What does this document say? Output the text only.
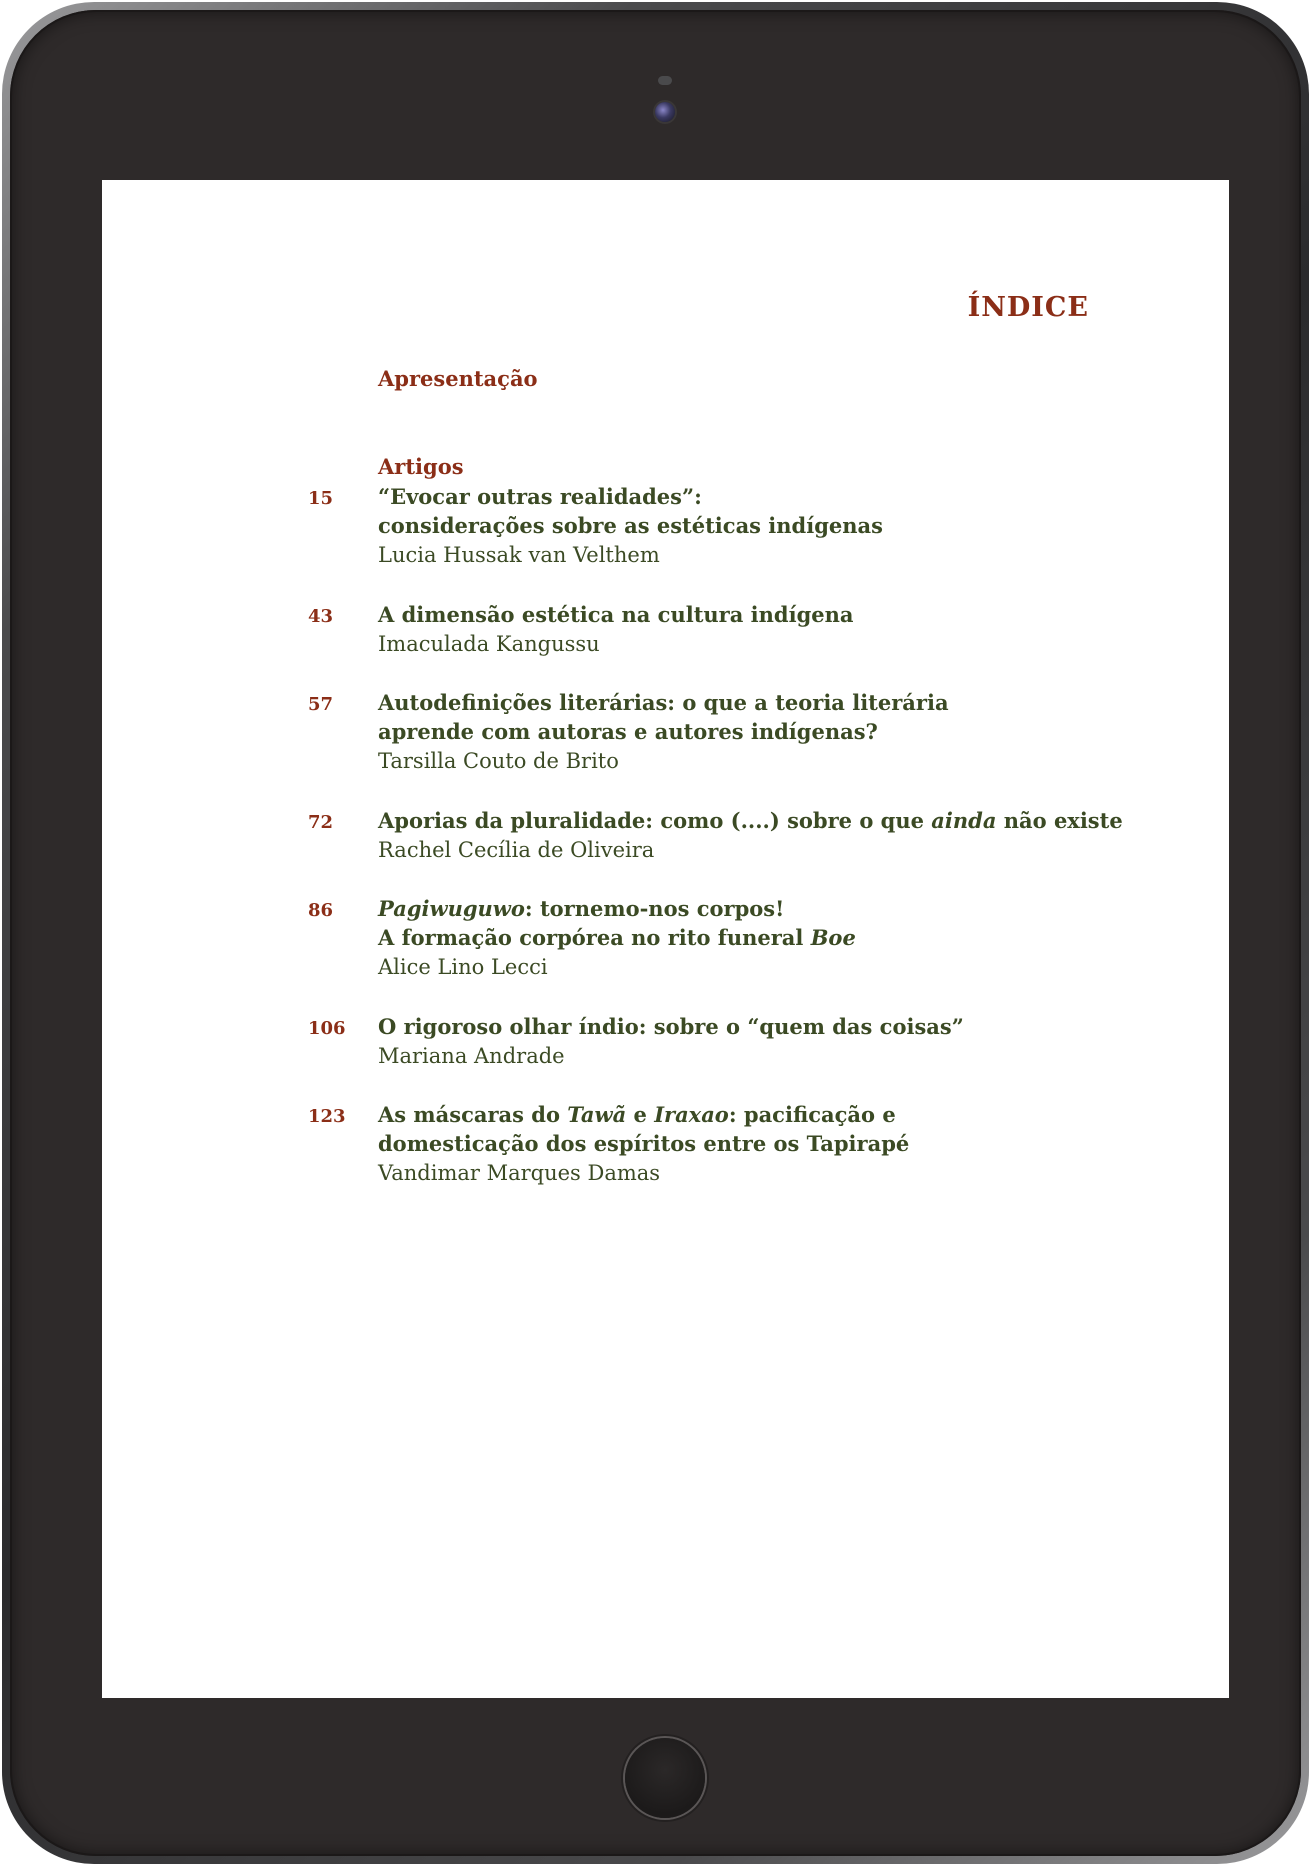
ÍNDICE
Apresentação
Artigos
15 “Evocar outras realidades”:
considerações sobre as estéticas indígenas
Lucia Hussak van Velthem
43 A dimensão estética na cultura indígena
Imaculada Kangussu
57 Autodefinições literárias: o que a teoria literária
aprende com autoras e autores indígenas?
Tarsilla Couto de Brito
72 Aporias da pluralidade: como (....) sobre o que ainda não existe
Rachel Cecília de Oliveira
86 Pagiwuguwo: tornemo-nos corpos!
A formação corpórea no rito funeral Boe
Alice Lino Lecci
106 O rigoroso olhar índio: sobre o “quem das coisas”
Mariana Andrade
123 As máscaras do Tawã e Iraxao: pacificação e
domesticação dos espíritos entre os Tapirapé
Vandimar Marques Damas
